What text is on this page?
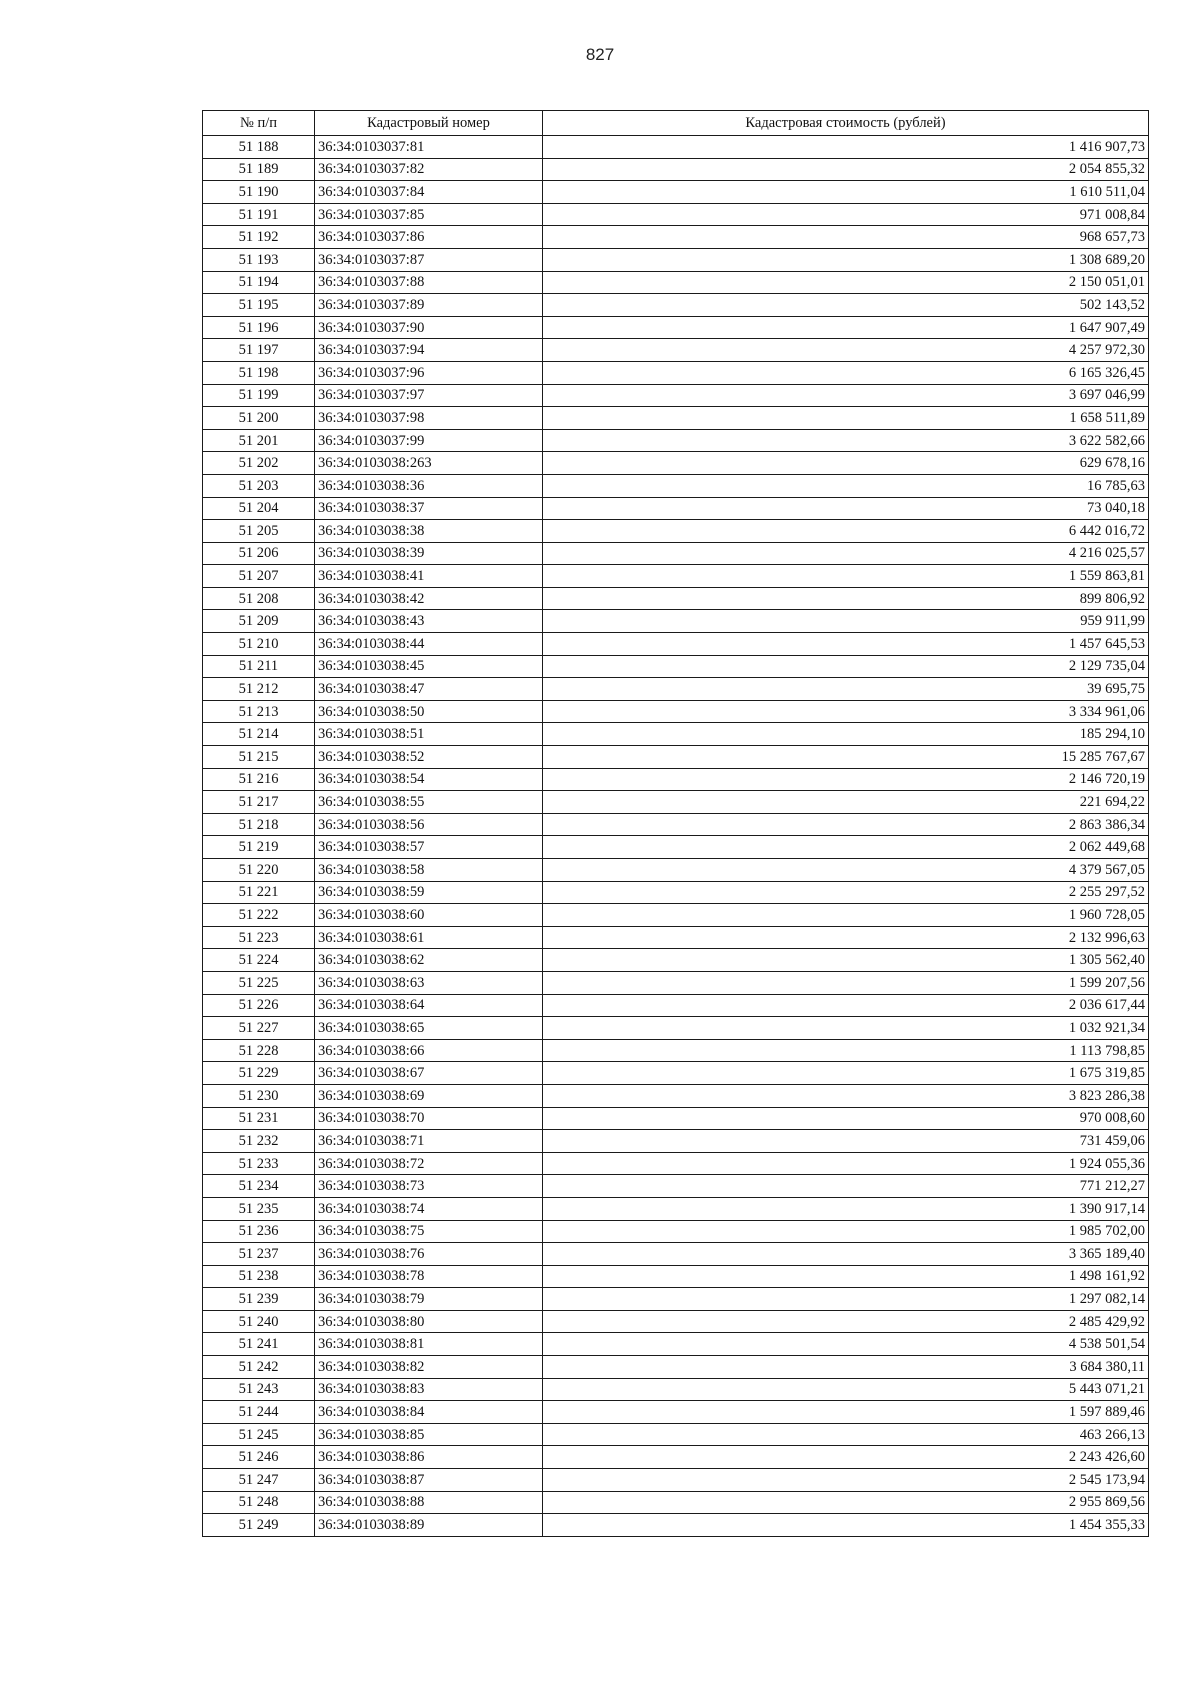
827
№ п/п	Кадастровый номер	Кадастровая стоимость (рублей)
51 188	36:34:0103037:81	1 416 907,73
51 189	36:34:0103037:82	2 054 855,32
51 190	36:34:0103037:84	1 610 511,04
51 191	36:34:0103037:85	971 008,84
51 192	36:34:0103037:86	968 657,73
51 193	36:34:0103037:87	1 308 689,20
51 194	36:34:0103037:88	2 150 051,01
51 195	36:34:0103037:89	502 143,52
51 196	36:34:0103037:90	1 647 907,49
51 197	36:34:0103037:94	4 257 972,30
51 198	36:34:0103037:96	6 165 326,45
51 199	36:34:0103037:97	3 697 046,99
51 200	36:34:0103037:98	1 658 511,89
51 201	36:34:0103037:99	3 622 582,66
51 202	36:34:0103038:263	629 678,16
51 203	36:34:0103038:36	16 785,63
51 204	36:34:0103038:37	73 040,18
51 205	36:34:0103038:38	6 442 016,72
51 206	36:34:0103038:39	4 216 025,57
51 207	36:34:0103038:41	1 559 863,81
51 208	36:34:0103038:42	899 806,92
51 209	36:34:0103038:43	959 911,99
51 210	36:34:0103038:44	1 457 645,53
51 211	36:34:0103038:45	2 129 735,04
51 212	36:34:0103038:47	39 695,75
51 213	36:34:0103038:50	3 334 961,06
51 214	36:34:0103038:51	185 294,10
51 215	36:34:0103038:52	15 285 767,67
51 216	36:34:0103038:54	2 146 720,19
51 217	36:34:0103038:55	221 694,22
51 218	36:34:0103038:56	2 863 386,34
51 219	36:34:0103038:57	2 062 449,68
51 220	36:34:0103038:58	4 379 567,05
51 221	36:34:0103038:59	2 255 297,52
51 222	36:34:0103038:60	1 960 728,05
51 223	36:34:0103038:61	2 132 996,63
51 224	36:34:0103038:62	1 305 562,40
51 225	36:34:0103038:63	1 599 207,56
51 226	36:34:0103038:64	2 036 617,44
51 227	36:34:0103038:65	1 032 921,34
51 228	36:34:0103038:66	1 113 798,85
51 229	36:34:0103038:67	1 675 319,85
51 230	36:34:0103038:69	3 823 286,38
51 231	36:34:0103038:70	970 008,60
51 232	36:34:0103038:71	731 459,06
51 233	36:34:0103038:72	1 924 055,36
51 234	36:34:0103038:73	771 212,27
51 235	36:34:0103038:74	1 390 917,14
51 236	36:34:0103038:75	1 985 702,00
51 237	36:34:0103038:76	3 365 189,40
51 238	36:34:0103038:78	1 498 161,92
51 239	36:34:0103038:79	1 297 082,14
51 240	36:34:0103038:80	2 485 429,92
51 241	36:34:0103038:81	4 538 501,54
51 242	36:34:0103038:82	3 684 380,11
51 243	36:34:0103038:83	5 443 071,21
51 244	36:34:0103038:84	1 597 889,46
51 245	36:34:0103038:85	463 266,13
51 246	36:34:0103038:86	2 243 426,60
51 247	36:34:0103038:87	2 545 173,94
51 248	36:34:0103038:88	2 955 869,56
51 249	36:34:0103038:89	1 454 355,33
